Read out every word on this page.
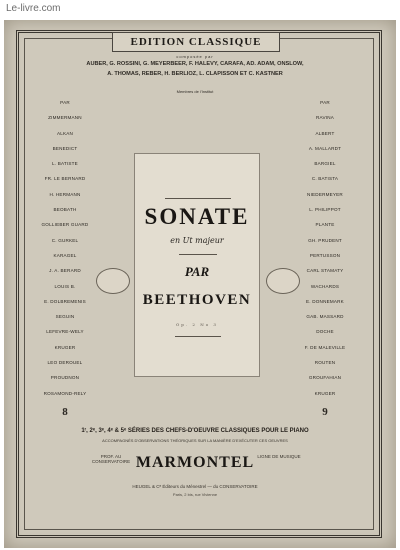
Le-livre.com
EDITION CLASSIQUE
composée par
AUBER, G. ROSSINI, G. MEYERBEER, F. HALEVY, CARAFA, AD. ADAM, ONSLOW,
A. THOMAS, REBER, H. BERLIOZ, L. CLAPISSON ET C. KASTNER
Membres de l'Institut
PAR
ZIMMERMANN
ALKAN
BENEDICT
L. BATISTE
FR. LE BERNARD
H. HERMANN
BEOBATH
GOLLIEBER GUARD
C. GURKEL
KARAGEL
J. A. BERARD
LOUIS B.
E. DOLBREMENIS
SEGUIN
LEFEVRE-WELY
KRUGER
LEO DEROUEL
PROUDNON
ROSAMOND-RELY
8
PAR
RAVINA
ALBERT
A. MALLARDT
BARGIEL
C. BATISTA
NIEDERMEYER
L. PHILIPPOT
PLANTE
GH. PRUDENT
PERTUSSON
CARL STAMATY
WACHARDS
E. DONNEMARK
GAB. MASSARD
DOCHE
F. DE MALEVILLE
ROUTEN
GROUFAHIAN
KRUGER
9
SONATE
en Ut majeur
PAR
BEETHOVEN
Op. 2 No 3
1ʳ, 2ᵉ, 3ᵉ, 4ᵉ & 5ᵉ SÉRIES DES CHEFS-D'OEUVRE CLASSIQUES POUR LE PIANO
ACCOMPAGNÉS D'OBSERVATIONS THÉORIQUES SUR LA MANIÈRE D'EXÉCUTER CES OEUVRES
PROF. AU CONSERVATOIRE MARMONTEL LIGNE DE MUSIQUE
HEUGEL & Cᵉ Éditeurs du Ménestrel — du CONSERVATOIRE
Paris, 2 bis, rue Vivienne
